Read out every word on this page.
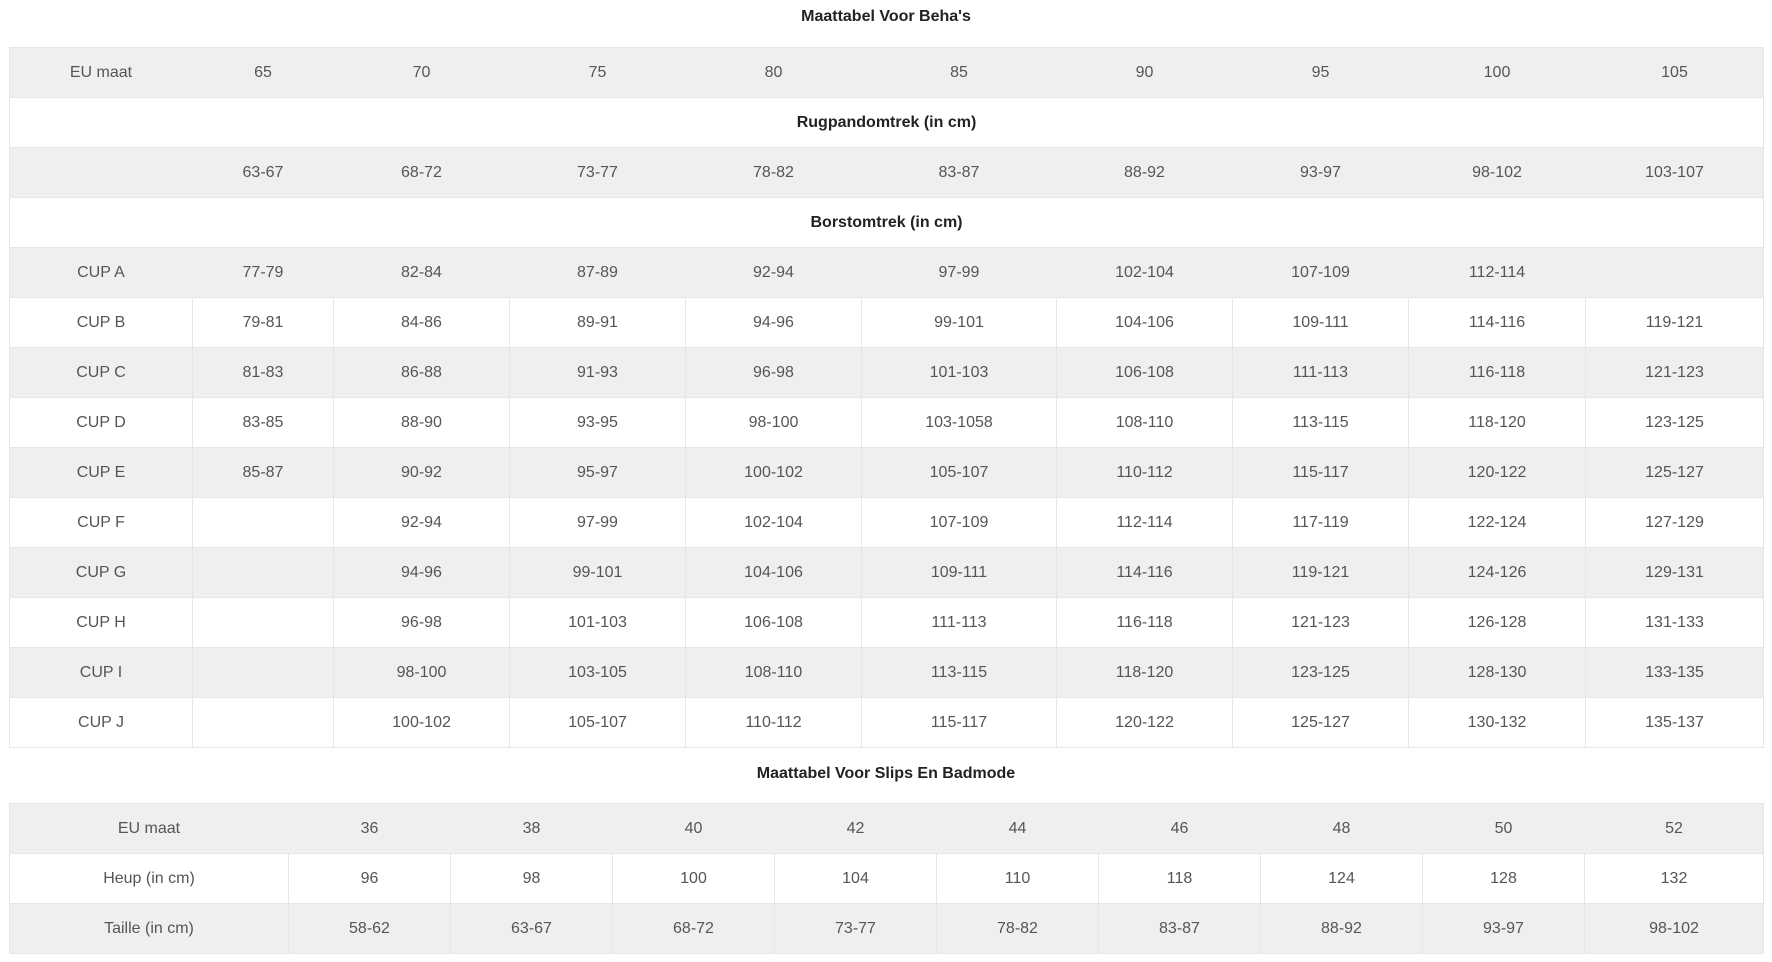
Maattabel Voor Beha's
EU maat	65	70	75	80	85	90	95	100	105
Rugpandomtrek (in cm)									
	63-67	68-72	73-77	78-82	83-87	88-92	93-97	98-102	103-107
Borstomtrek (in cm)									
CUP A	77-79	82-84	87-89	92-94	97-99	102-104	107-109	112-114	
CUP B	79-81	84-86	89-91	94-96	99-101	104-106	109-111	114-116	119-121
CUP C	81-83	86-88	91-93	96-98	101-103	106-108	111-113	116-118	121-123
CUP D	83-85	88-90	93-95	98-100	103-1058	108-110	113-115	118-120	123-125
CUP E	85-87	90-92	95-97	100-102	105-107	110-112	115-117	120-122	125-127
CUP F		92-94	97-99	102-104	107-109	112-114	117-119	122-124	127-129
CUP G		94-96	99-101	104-106	109-111	114-116	119-121	124-126	129-131
CUP H		96-98	101-103	106-108	111-113	116-118	121-123	126-128	131-133
CUP I		98-100	103-105	108-110	113-115	118-120	123-125	128-130	133-135
CUP J		100-102	105-107	110-112	115-117	120-122	125-127	130-132	135-137
Maattabel Voor Slips En Badmode
EU maat	36	38	40	42	44	46	48	50	52
Heup (in cm)	96	98	100	104	110	118	124	128	132
Taille (in cm)	58-62	63-67	68-72	73-77	78-82	83-87	88-92	93-97	98-102
